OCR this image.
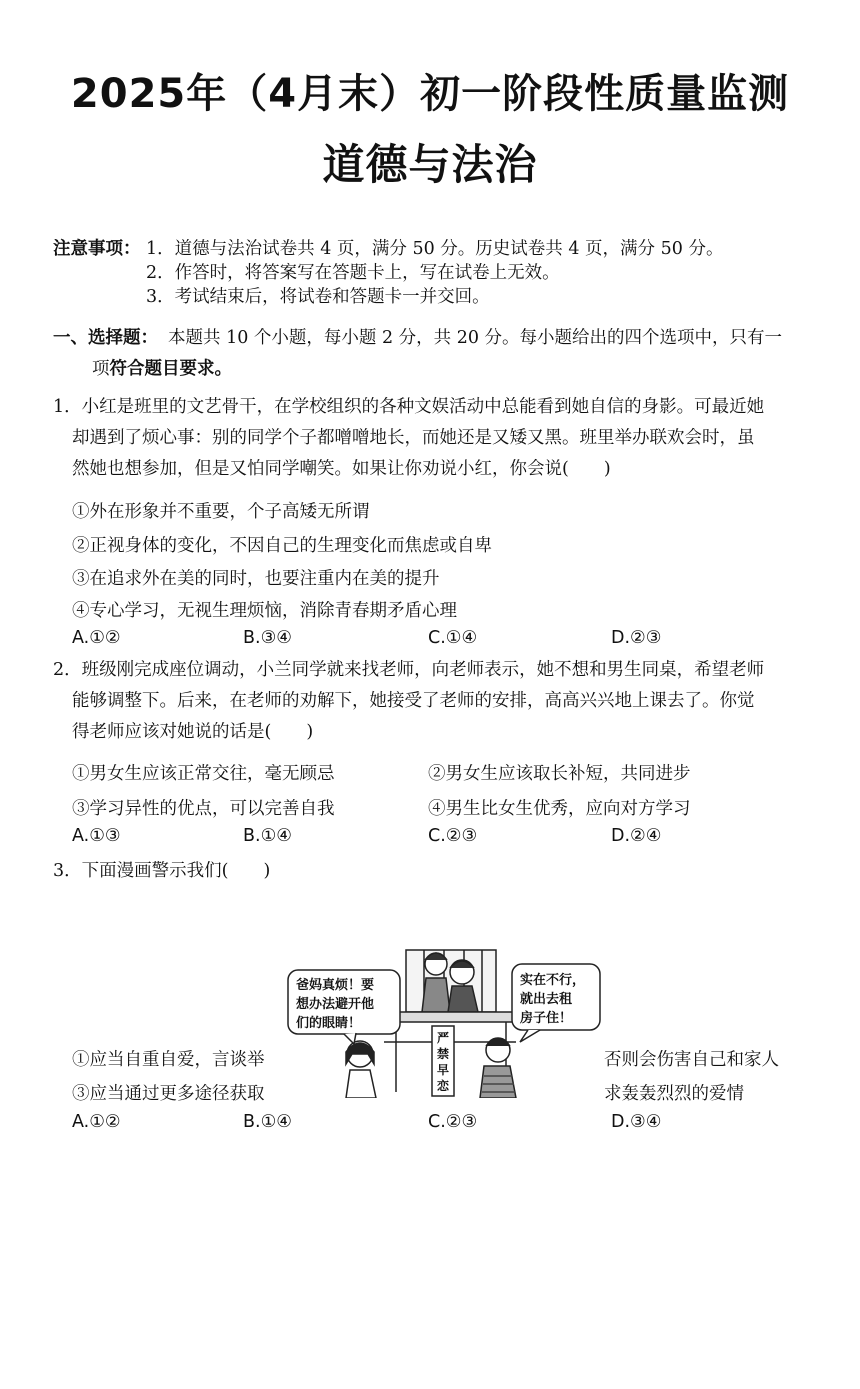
2025年（4月末）初一阶段性质量监测
道德与法治
注意事项： 1．道德与法治试卷共 4 页，满分 50 分。历史试卷共 4 页，满分 50 分。
2．作答时，将答案写在答题卡上，写在试卷上无效。
3．考试结束后，将试卷和答题卡一并交回。
一、选择题： 本题共 10 个小题，每小题 2 分，共 20 分。每小题给出的四个选项中，只有一
项符合题目要求。
1．小红是班里的文艺骨干，在学校组织的各种文娱活动中总能看到她自信的身影。可最近她
却遇到了烦心事：别的同学个子都噌噌地长，而她还是又矮又黑。班里举办联欢会时，虽
然她也想参加，但是又怕同学嘲笑。如果让你劝说小红，你会说(　　)
①外在形象并不重要，个子高矮无所谓
②正视身体的变化，不因自己的生理变化而焦虑或自卑
③在追求外在美的同时，也要注重内在美的提升
④专心学习，无视生理烦恼，消除青春期矛盾心理
A.①②	B.③④	C.①④	D.②③
2．班级刚完成座位调动，小兰同学就来找老师，向老师表示，她不想和男生同桌，希望老师
能够调整下。后来，在老师的劝解下，她接受了老师的安排，高高兴兴地上课去了。你觉
得老师应该对她说的话是(　　)
①男女生应该正常交往，毫无顾忌	②男女生应该取长补短，共同进步
③学习异性的优点，可以完善自我	④男生比女生优秀，应向对方学习
A.①③	B.①④	C.②③	D.②④
3．下面漫画警示我们(　　)
①应当自重自爱，言谈举	否则会伤害自己和家人
③应当通过更多途径获取	求轰轰烈烈的爱情
A.①②	B.①④	C.②③	D.③④
严
禁
早
恋
爸妈真烦！要
想办法避开他
们的眼睛！
实在不行，
就出去租
房子住！
